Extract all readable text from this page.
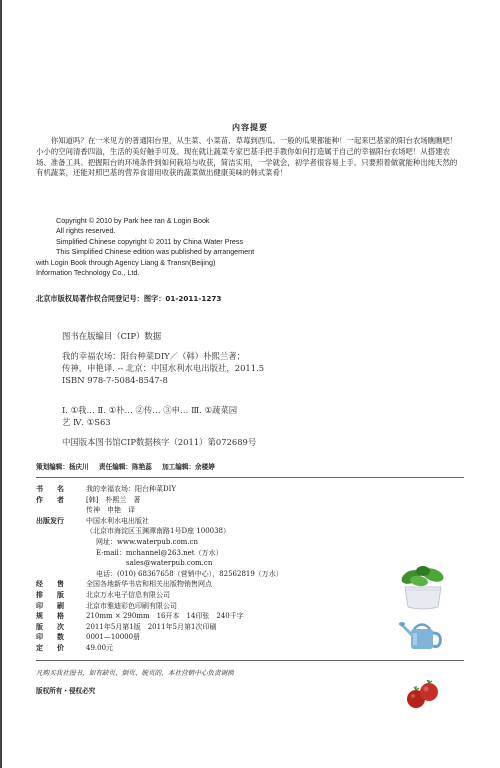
内容提要

你知道吗？在一米见方的普通阳台里，从生菜、小菜苗、草莓到西瓜、一般的瓜果都能种！一起来巴基家的阳台农场瞧瞧吧！小小的空间清香四溢，生活的美好触手可及。现在就让蔬菜专家巴基手把手教你如何打造属于自己的幸福阳台农场吧！从搭建农场、准备工具、把握阳台的环境条件到如何栽培与收获，简洁实用，一学就会，初学者很容易上手。只要照着做就能种出纯天然的有机蔬菜，还能对照巴基的营养食谱用收获的蔬菜做出健康美味的韩式菜肴！

Copyright © 2010 by Park hee ran & Login Book
All rights reserved.
Simplified Chinese copyright © 2011 by China Water Press
This Simplified Chinese edition was published by arrangement
with Login Book through Agency Liang & Transn(Beijing)
Information Technology Co., Ltd.
北京市版权局著作权合同登记号：图字：01-2011-1273
图书在版编目（CIP）数据
我的幸福农场：阳台种菜DIY／（韩）朴熙兰著；
传神，申艳译. -- 北京：中国水利水电出版社，2011.5
ISBN 978-7-5084-8547-8
Ⅰ. ①我… Ⅱ. ①朴… ②传… ③申… Ⅲ. ①蔬菜园
艺 Ⅳ. ①S63
中国版本图书馆CIP数据核字（2011）第072689号
策划编辑：杨庆川 责任编辑：陈艳蕊 加工编辑：余楼婷
书　　名	我的幸福农场：阳台种菜DIY
作　　者	[韩]　朴熙兰　著
	传神　申艳　译
出版发行	中国水利水电出版社
	（北京市海淀区玉渊潭南路1号D座 100038）
	网址：www.waterpub.com.cn
	E-mail：mchannel@263.net（万水）
	sales@waterpub.com.cn
	电话：(010) 68367658（营销中心），82562819（万水）
经　　售	全国各地新华书店和相关出版物销售网点
排　　版	北京万水电子信息有限公司
印　　刷	北京市雅迪彩色印刷有限公司
规　　格	210mm × 290mm　16开本　14印张　240千字
版　　次	2011年5月第1版　2011年5月第1次印刷
印　　数	0001—10000册
定　　价	49.00元
凡购买我社图书，如有缺页、倒页、脱页的，本社营销中心负责调换
版权所有・侵权必究
